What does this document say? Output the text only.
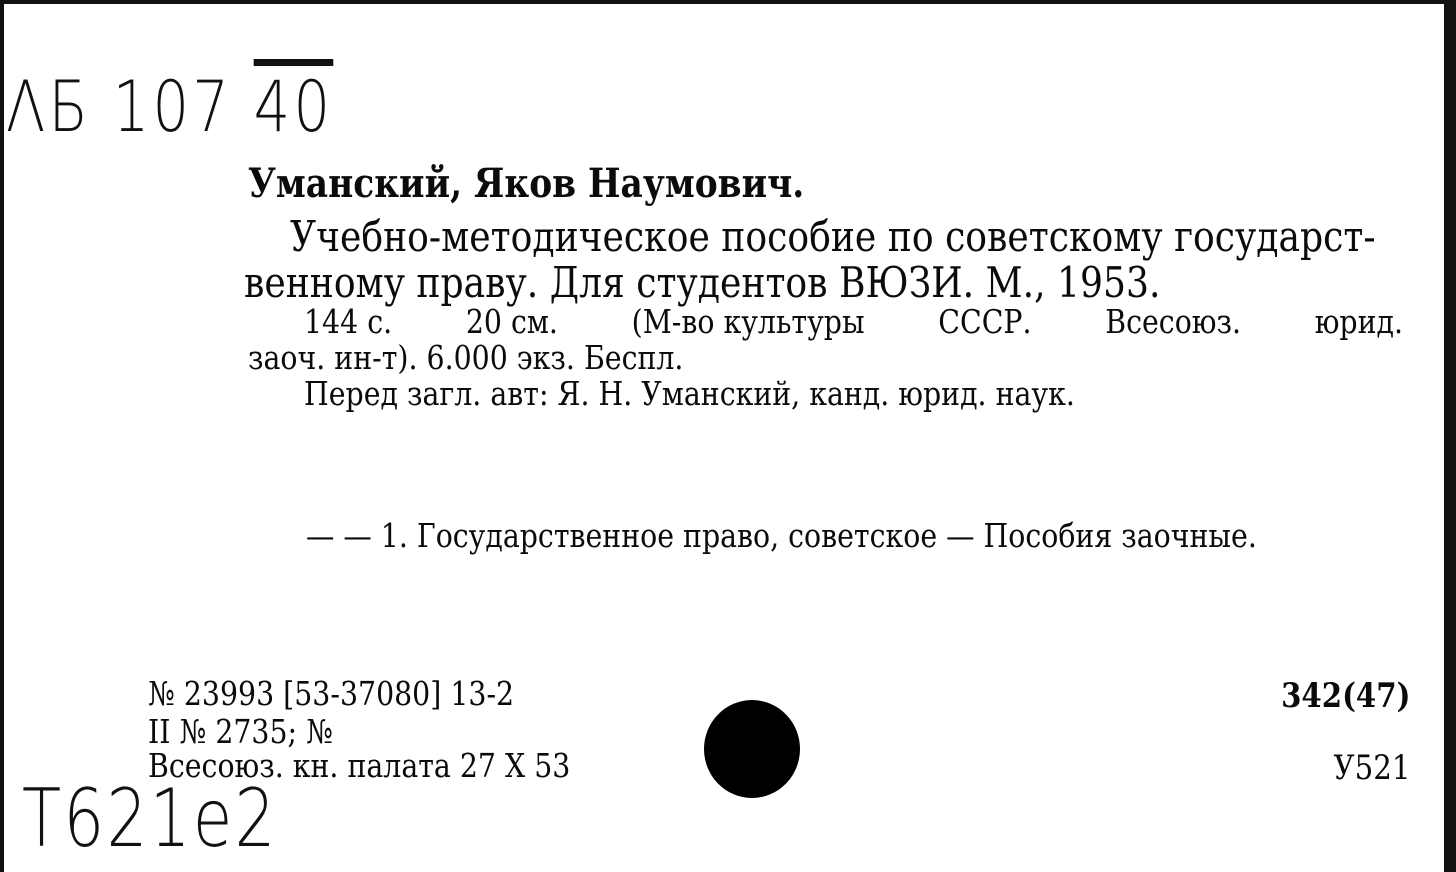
ΛБ 107 40
Уманский, Яков Наумович.
Учебно-методическое пособие по советскому государст-
венному праву. Для студентов ВЮЗИ. М., 1953.
144 с. 20 см. (М-во культуры СССР. Всесоюз. юрид.
заоч. ин-т). 6.000 экз. Беспл.
Перед загл. авт: Я. Н. Уманский, канд. юрид. наук.
— — 1. Государственное право, советское — Пособия заочные.
№ 23993 [53-37080] 13-2
II № 2735; №
Всесоюз. кн. палата 27 X 53
342(47)
У521
Т621е2
